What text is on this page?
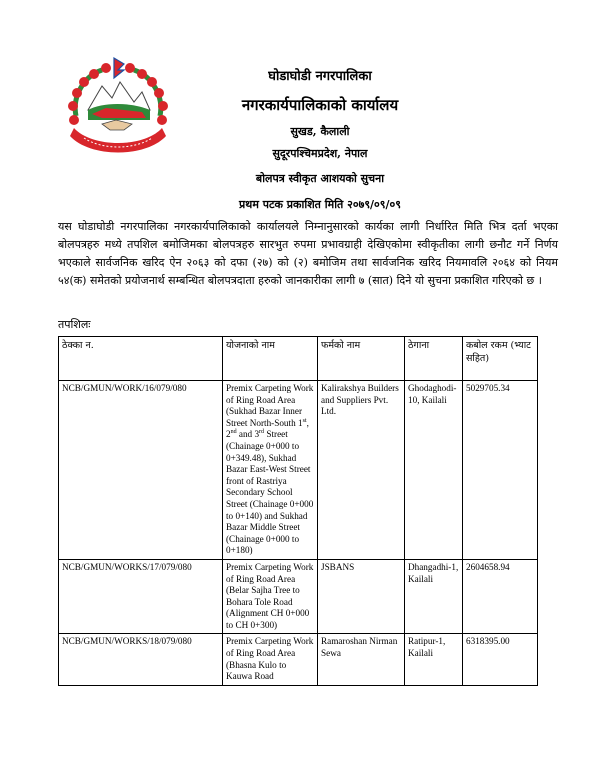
घोडाघोडी नगरपालिका
नगरकार्यपालिकाको कार्यालय
सुखड, कैलाली
सुदूरपश्चिमप्रदेश, नेपाल
बोलपत्र स्वीकृत आशयको सुचना
प्रथम पटक प्रकाशित मिति २०७९/०९/०९
यस घोडाघोडी नगरपालिका नगरकार्यपालिकाको कार्यालयले निम्नानुसारको कार्यका लागी निर्धारित मिति भित्र दर्ता भएका बोलपत्रहरु मध्ये तपशिल बमोजिमका बोलपत्रहरु सारभुत रुपमा प्रभावग्राही देखिएकोमा स्वीकृतीका लागी छनौट गर्ने निर्णय भएकाले सार्वजनिक खरिद ऐन २०६३ को दफा (२७) को (२) बमोजिम तथा सार्वजनिक खरिद नियमावलि २०६४ को नियम ५४(क) समेतको प्रयोजनार्थ सम्बन्धित बोलपत्रदाता हरुको जानकारीका लागी ७ (सात) दिने यो सुचना प्रकाशित गरिएको छ ।
तपशिलः
ठेक्का न.	योजनाको नाम	फर्मको नाम	ठेगाना	कबोल रकम (भ्याट सहित)
NCB/GMUN/WORK/16/079/080	Premix Carpeting Work of Ring Road Area (Sukhad Bazar Inner Street North-South 1st, 2nd and 3rd Street (Chainage 0+000 to 0+349.48), Sukhad Bazar East-West Street front of Rastriya Secondary School Street (Chainage 0+000 to 0+140) and Sukhad Bazar Middle Street (Chainage 0+000 to 0+180)	Kalirakshya Builders and Suppliers Pvt. Ltd.	Ghodaghodi-10, Kailali	5029705.34
NCB/GMUN/WORKS/17/079/080	Premix Carpeting Work of Ring Road Area (Belar Sajha Tree to Bohara Tole Road (Alignment CH 0+000 to CH 0+300)	JSBANS	Dhangadhi-1, Kailali	2604658.94
NCB/GMUN/WORKS/18/079/080	Premix Carpeting Work of Ring Road Area (Bhasna Kulo to Kauwa Road	Ramaroshan Nirman Sewa	Ratipur-1, Kailali	6318395.00
